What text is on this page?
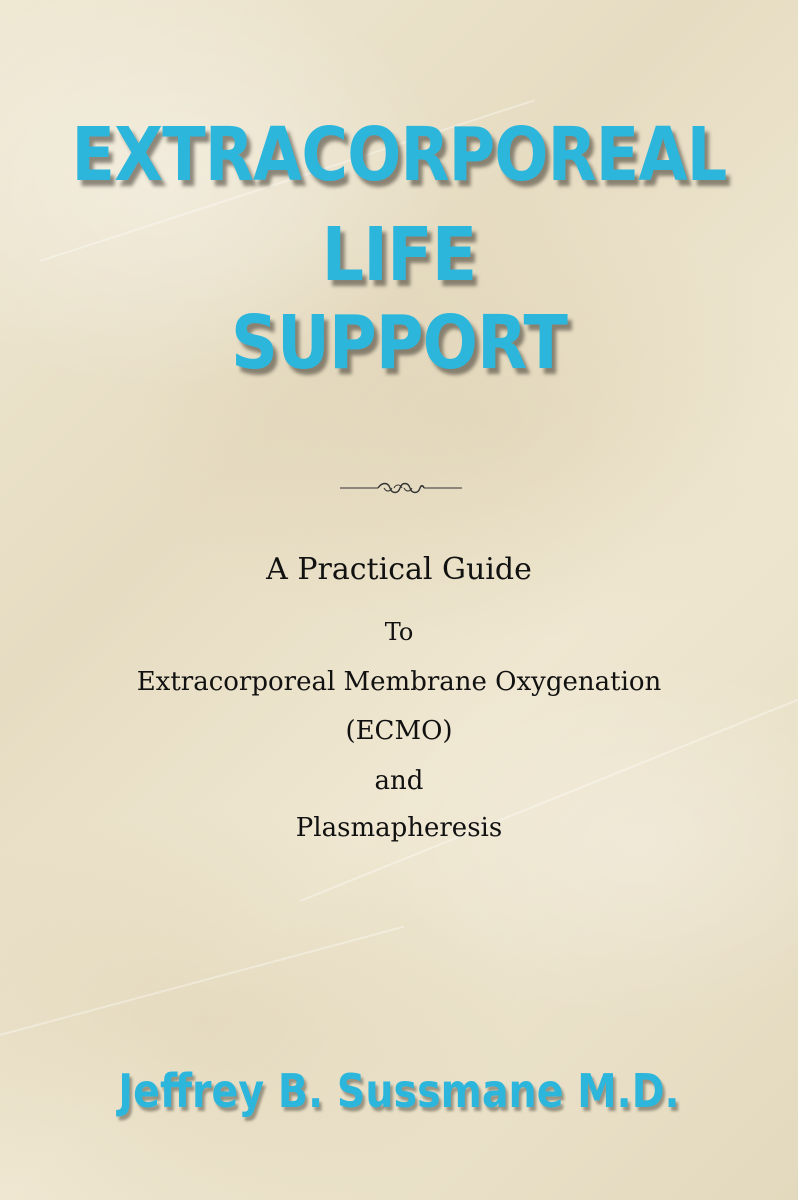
EXTRACORPOREAL
LIFE
SUPPORT
A Practical Guide
To
Extracorporeal Membrane Oxygenation
(ECMO)
and
Plasmapheresis
Jeffrey B. Sussmane M.D.
